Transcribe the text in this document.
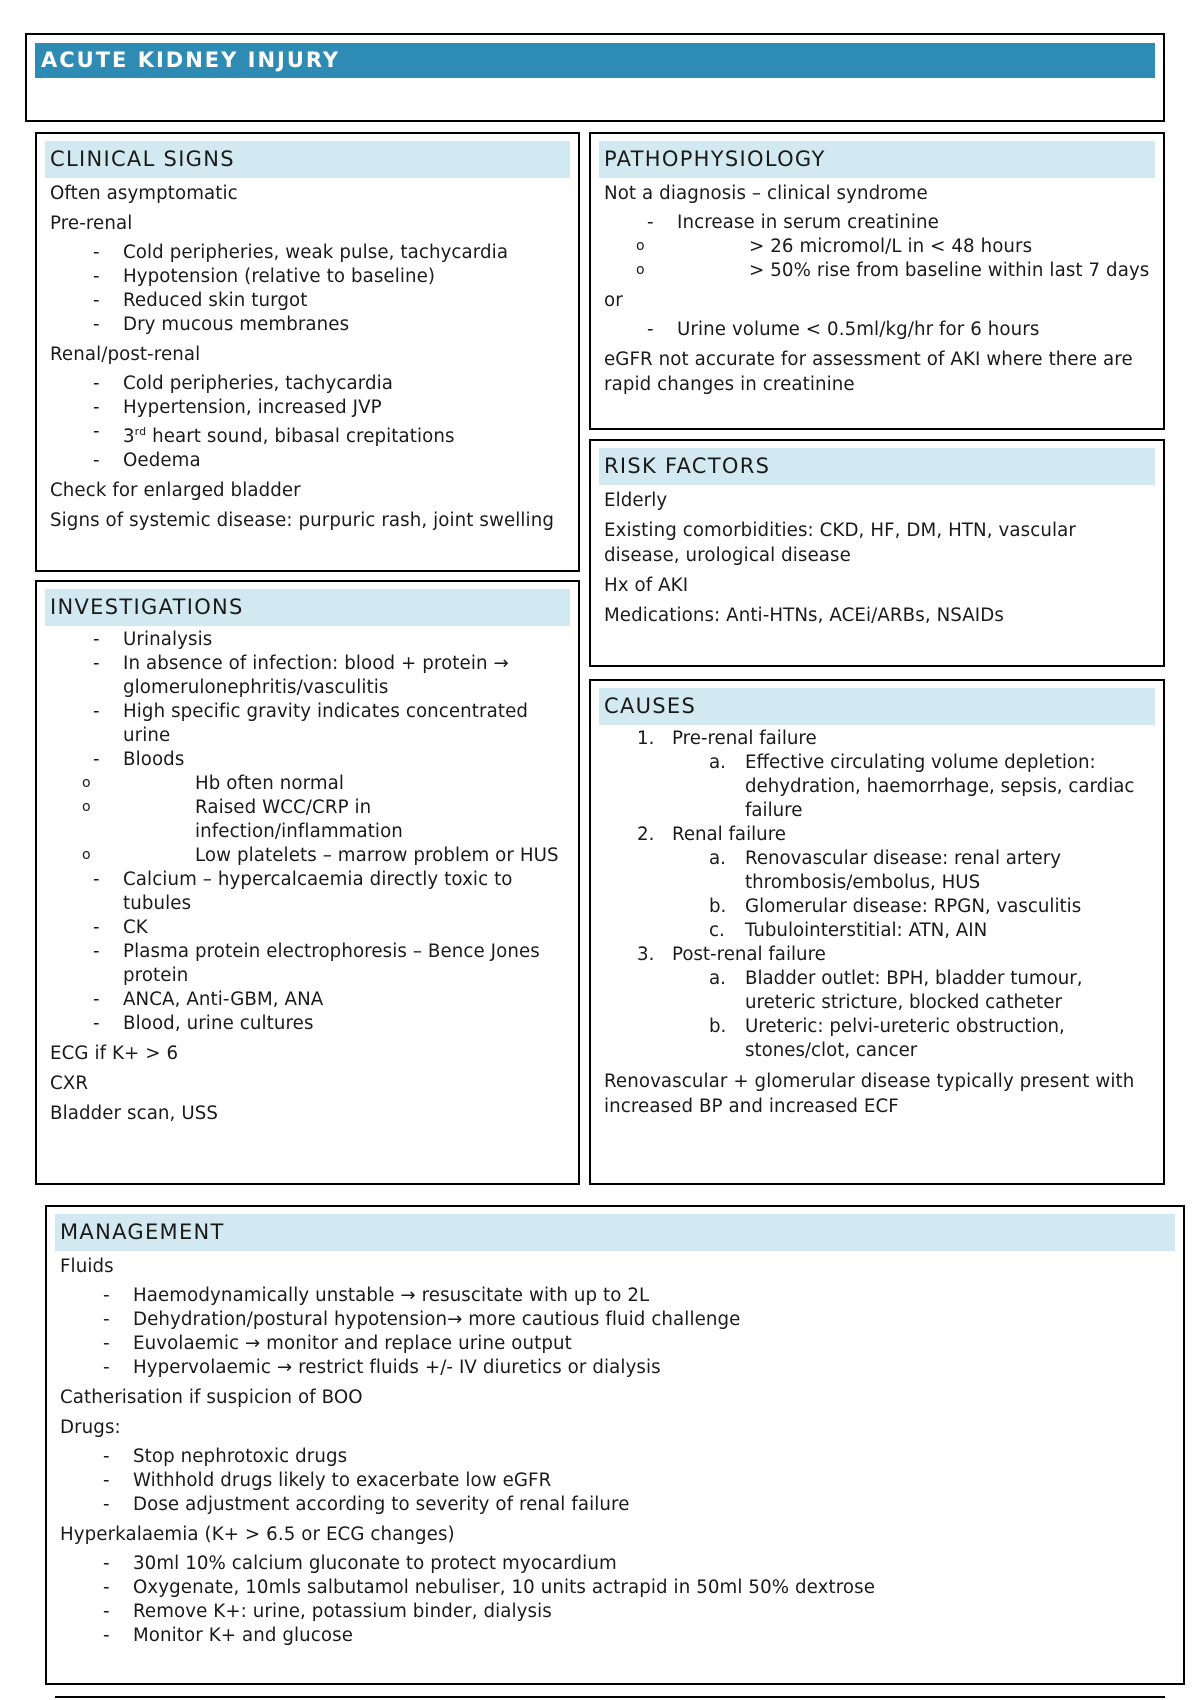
ACUTE KIDNEY INJURY
CLINICAL SIGNS
Often asymptomatic
Pre-renal
- Cold peripheries, weak pulse, tachycardia
- Hypotension (relative to baseline)
- Reduced skin turgot
- Dry mucous membranes
Renal/post-renal
- Cold peripheries, tachycardia
- Hypertension, increased JVP
- 3rd heart sound, bibasal crepitations
- Oedema
Check for enlarged bladder
Signs of systemic disease: purpuric rash, joint swelling
INVESTIGATIONS
- Urinalysis
- In absence of infection: blood + protein → glomerulonephritis/vasculitis
- High specific gravity indicates concentrated urine
- Bloods
o Hb often normal
o Raised WCC/CRP in infection/inflammation
o Low platelets – marrow problem or HUS
- Calcium – hypercalcaemia directly toxic to tubules
- CK
- Plasma protein electrophoresis – Bence Jones protein
- ANCA, Anti-GBM, ANA
- Blood, urine cultures
ECG if K+ > 6
CXR
Bladder scan, USS
PATHOPHYSIOLOGY
Not a diagnosis – clinical syndrome
- Increase in serum creatinine
o > 26 micromol/L in < 48 hours
o > 50% rise from baseline within last 7 days
or
- Urine volume < 0.5ml/kg/hr for 6 hours
eGFR not accurate for assessment of AKI where there are rapid changes in creatinine
RISK FACTORS
Elderly
Existing comorbidities: CKD, HF, DM, HTN, vascular disease, urological disease
Hx of AKI
Medications: Anti-HTNs, ACEi/ARBs, NSAIDs
CAUSES
1. Pre-renal failure
a. Effective circulating volume depletion: dehydration, haemorrhage, sepsis, cardiac failure
2. Renal failure
a. Renovascular disease: renal artery thrombosis/embolus, HUS
b. Glomerular disease: RPGN, vasculitis
c. Tubulointerstitial: ATN, AIN
3. Post-renal failure
a. Bladder outlet: BPH, bladder tumour, ureteric stricture, blocked catheter
b. Ureteric: pelvi-ureteric obstruction, stones/clot, cancer
Renovascular + glomerular disease typically present with increased BP and increased ECF
MANAGEMENT
Fluids
- Haemodynamically unstable → resuscitate with up to 2L
- Dehydration/postural hypotension→ more cautious fluid challenge
- Euvolaemic → monitor and replace urine output
- Hypervolaemic → restrict fluids +/- IV diuretics or dialysis
Catherisation if suspicion of BOO
Drugs:
- Stop nephrotoxic drugs
- Withhold drugs likely to exacerbate low eGFR
- Dose adjustment according to severity of renal failure
Hyperkalaemia (K+ > 6.5 or ECG changes)
- 30ml 10% calcium gluconate to protect myocardium
- Oxygenate, 10mls salbutamol nebuliser, 10 units actrapid in 50ml 50% dextrose
- Remove K+: urine, potassium binder, dialysis
- Monitor K+ and glucose
